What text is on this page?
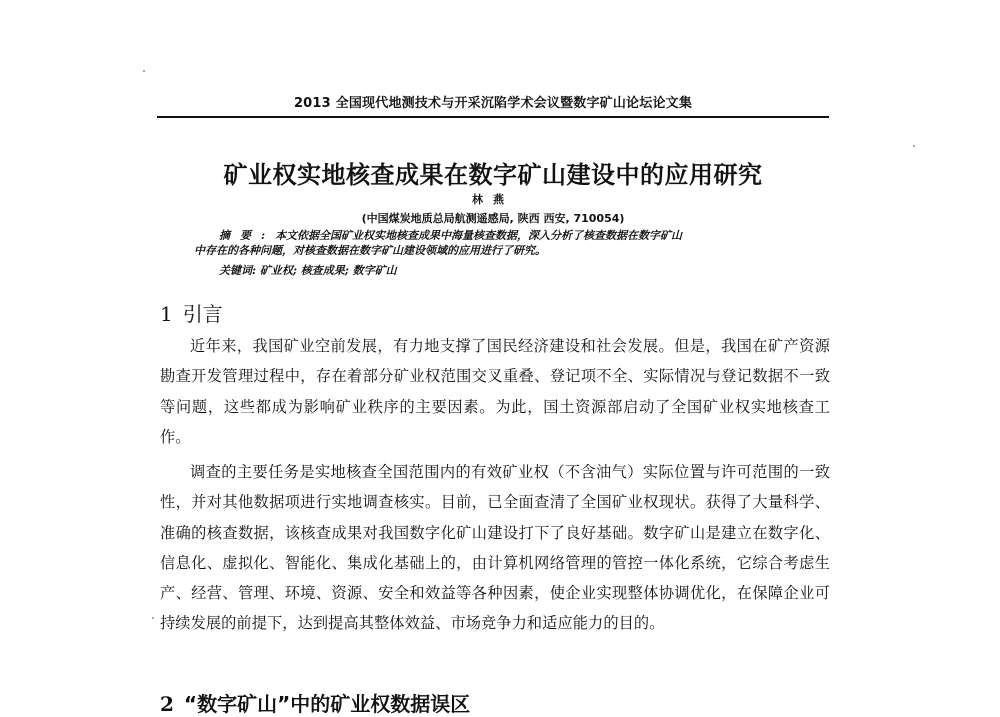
2013 全国现代地测技术与开采沉陷学术会议暨数字矿山论坛论文集
矿业权实地核查成果在数字矿山建设中的应用研究
林燕
(中国煤炭地质总局航测遥感局, 陕西 西安, 710054)
摘要:本文依据全国矿业权实地核查成果中海量核查数据，深入分析了核查数据在数字矿山
中存在的各种问题，对核查数据在数字矿山建设领域的应用进行了研究。
关键词: 矿业权; 核查成果; 数字矿山
1 引言
近年来，我国矿业空前发展，有力地支撑了国民经济建设和社会发展。但是，我国在矿产资源勘查开发管理过程中，存在着部分矿业权范围交叉重叠、登记项不全、实际情况与登记数据不一致等问题，这些都成为影响矿业秩序的主要因素。为此，国土资源部启动了全国矿业权实地核查工作。
调查的主要任务是实地核查全国范围内的有效矿业权（不含油气）实际位置与许可范围的一致性，并对其他数据项进行实地调查核实。目前，已全面查清了全国矿业权现状。获得了大量科学、准确的核查数据，该核查成果对我国数字化矿山建设打下了良好基础。数字矿山是建立在数字化、信息化、虚拟化、智能化、集成化基础上的，由计算机网络管理的管控一体化系统，它综合考虑生产、经营、管理、环境、资源、安全和效益等各种因素，使企业实现整体协调优化，在保障企业可持续发展的前提下，达到提高其整体效益、市场竞争力和适应能力的目的。
2 “数字矿山”中的矿业权数据误区
